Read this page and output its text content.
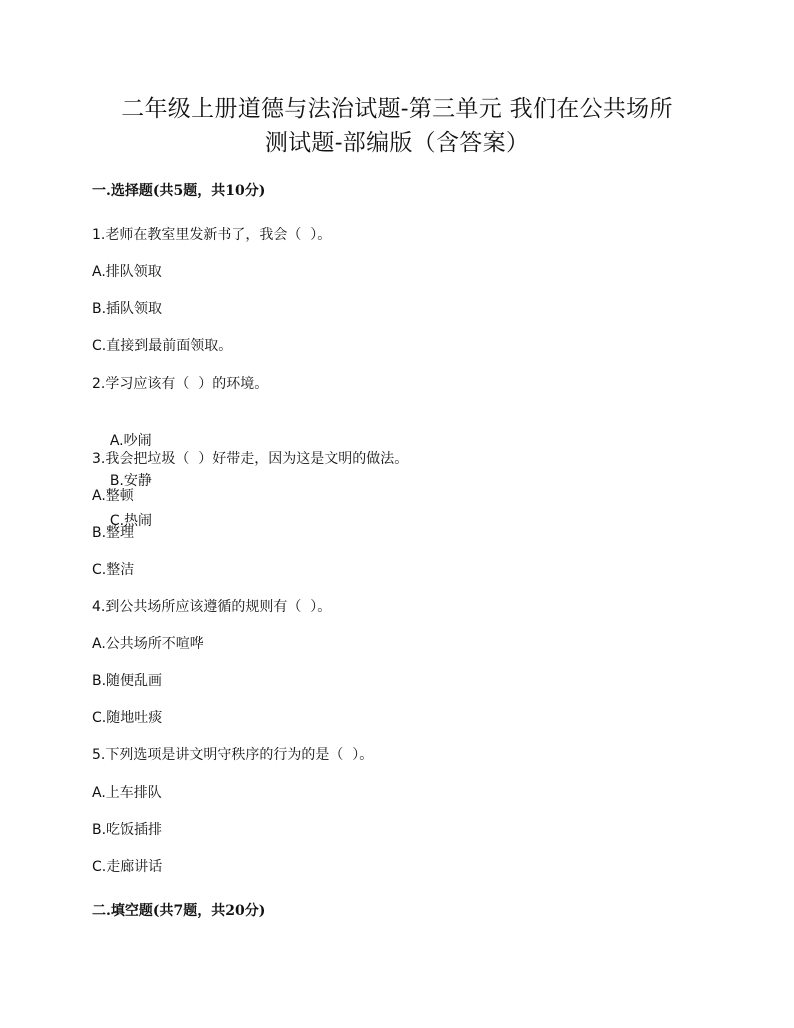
二年级上册道德与法治试题-第三单元 我们在公共场所
测试题-部编版（含答案）
一.选择题(共5题，共10分)
1.老师在教室里发新书了，我会（  ）。
A.排队领取
B.插队领取
C.直接到最前面领取。
2.学习应该有（  ）的环境。

A.吵闹

B.安静

C.热闹

3.我会把垃圾（  ）好带走，因为这是文明的做法。
A.整顿
B.整理
C.整洁
4.到公共场所应该遵循的规则有（  ）。
A.公共场所不喧哗
B.随便乱画
C.随地吐痰
5.下列选项是讲文明守秩序的行为的是（  ）。
A.上车排队
B.吃饭插排
C.走廊讲话
二.填空题(共7题，共20分)
